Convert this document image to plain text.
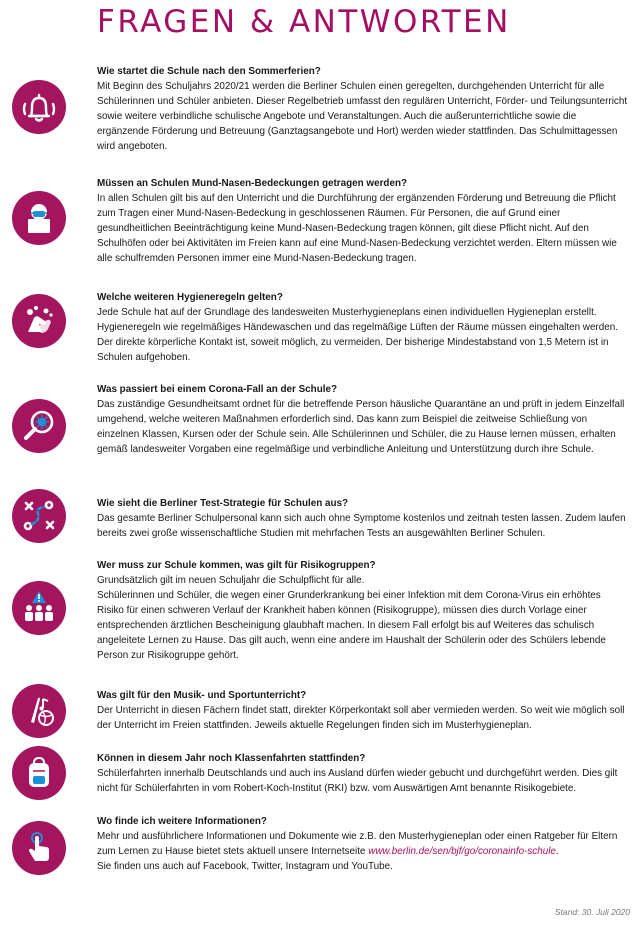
FRAGEN & ANTWORTEN

Wie startet die Schule nach den Sommerferien?

Mit Beginn des Schuljahrs 2020/21 werden die Berliner Schulen einen geregelten, durchgehenden Unterricht für alle Schülerinnen und Schüler anbieten. Dieser Regelbetrieb umfasst den regulären Unterricht, Förder- und Teilungsunterricht sowie weitere verbindliche schulische Angebote und Veranstaltungen. Auch die außerunterrichtliche sowie die ergänzende Förderung und Betreuung (Ganztagsangebote und Hort) werden wieder stattfinden. Das Schulmittagessen wird angeboten.

Müssen an Schulen Mund-Nasen-Bedeckungen getragen werden?

In allen Schulen gilt bis auf den Unterricht und die Durchführung der ergänzenden Förderung und Betreuung die Pflicht zum Tragen einer Mund-Nasen-Bedeckung in geschlossenen Räumen. Für Personen, die auf Grund einer gesundheitlichen Beeinträchtigung keine Mund-Nasen-Bedeckung tragen können, gilt diese Pflicht nicht. Auf den Schulhöfen oder bei Aktivitäten im Freien kann auf eine Mund-Nasen-Bedeckung verzichtet werden. Eltern müssen wie alle schulfremden Personen immer eine Mund-Nasen-Bedeckung tragen.

Welche weiteren Hygieneregeln gelten?

Jede Schule hat auf der Grundlage des landesweiten Musterhygieneplans einen individuellen Hygieneplan erstellt. Hygieneregeln wie regelmäßiges Händewaschen und das regelmäßige Lüften der Räume müssen eingehalten werden. Der direkte körperliche Kontakt ist, soweit möglich, zu vermeiden. Der bisherige Mindestabstand von 1,5 Metern ist in Schulen aufgehoben.

Was passiert bei einem Corona-Fall an der Schule?

Das zuständige Gesundheitsamt ordnet für die betreffende Person häusliche Quarantäne an und prüft in jedem Einzelfall umgehend, welche weiteren Maßnahmen erforderlich sind. Das kann zum Beispiel die zeitweise Schließung von einzelnen Klassen, Kursen oder der Schule sein. Alle Schülerinnen und Schüler, die zu Hause lernen müssen, erhalten gemäß landesweiter Vorgaben eine regelmäßige und verbindliche Anleitung und Unterstützung durch ihre Schule.

Wie sieht die Berliner Test-Strategie für Schulen aus?

Das gesamte Berliner Schulpersonal kann sich auch ohne Symptome kostenlos und zeitnah testen lassen. Zudem laufen bereits zwei große wissenschaftliche Studien mit mehrfachen Tests an ausgewählten Berliner Schulen.

Wer muss zur Schule kommen, was gilt für Risikogruppen?

Grundsätzlich gilt im neuen Schuljahr die Schulpflicht für alle.

Schülerinnen und Schüler, die wegen einer Grunderkrankung bei einer Infektion mit dem Corona-Virus ein erhöhtes Risiko für einen schweren Verlauf der Krankheit haben können (Risikogruppe), müssen dies durch Vorlage einer entsprechenden ärztlichen Bescheinigung glaubhaft machen. In diesem Fall erfolgt bis auf Weiteres das schulisch angeleitete Lernen zu Hause. Das gilt auch, wenn eine andere im Haushalt der Schülerin oder des Schülers lebende Person zur Risikogruppe gehört.

Was gilt für den Musik- und Sportunterricht?

Der Unterricht in diesen Fächern findet statt, direkter Körperkontakt soll aber vermieden werden. So weit wie möglich soll der Unterricht im Freien stattfinden. Jeweils aktuelle Regelungen finden sich im Musterhygieneplan.

Können in diesem Jahr noch Klassenfahrten stattfinden?

Schülerfahrten innerhalb Deutschlands und auch ins Ausland dürfen wieder gebucht und durchgeführt werden. Dies gilt nicht für Schülerfahrten in vom Robert-Koch-Institut (RKI) bzw. vom Auswärtigen Amt benannte Risikogebiete.

Wo finde ich weitere Informationen?

Mehr und ausführlichere Informationen und Dokumente wie z.B. den Musterhygieneplan oder einen Ratgeber für Eltern zum Lernen zu Hause bietet stets aktuell unsere Internetseite www.berlin.de/sen/bjf/go/coronainfo-schule.

Sie finden uns auch auf Facebook, Twitter, Instagram und YouTube.

Stand: 30. Juli 2020
